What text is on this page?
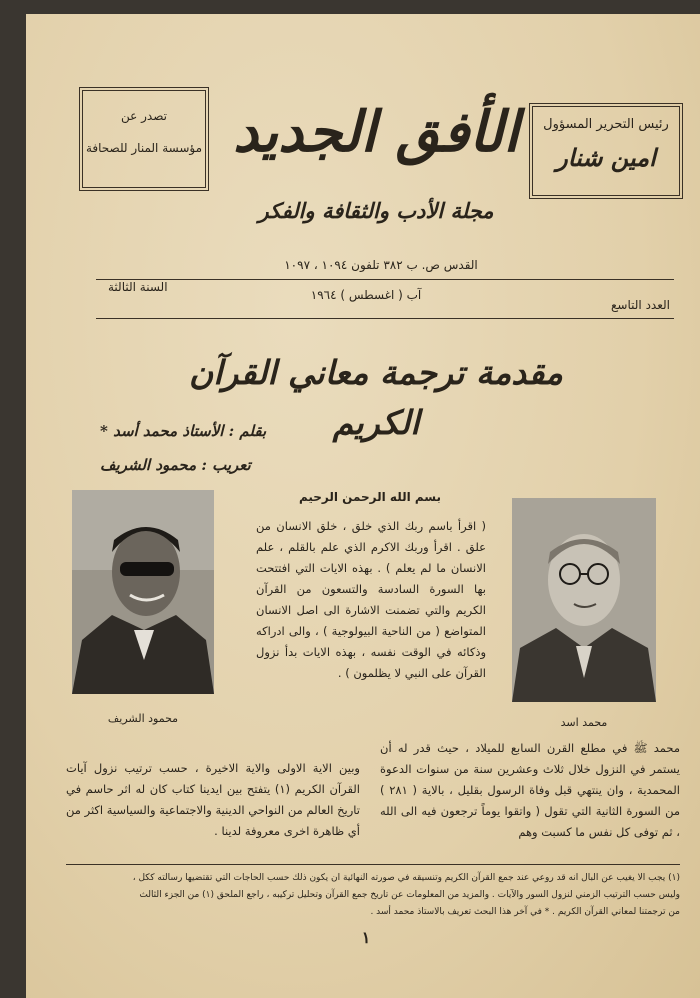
رئيس التحرير المسؤول
امين شنار
تصدر عن
مؤسسة المنار للصحافة الأفق الجديد
مجلة الأدب والثقافة والفكر
القدس ص. ب ٣٨٢ تلفون ١٠٩٤ ، ١٠٩٧
العدد التاسع
آب ( اغسطس ) ١٩٦٤
السنة الثالثة
مقدمة ترجمة معاني القرآن الكريم
بقلم : الأستاذ محمد أسد *
تعريب : محمود الشريف
محمود الشريف	محمد اسد
بسم الله الرحمن الرحيم

( اقرأ باسم ربك الذي خلق ، خلق الانسان من علق . اقرأ وربك الاكرم الذي علم بالقلم ، علم الانسان ما لم يعلم ) . بهذه الايات التي افتتحت بها السورة السادسة والتسعون من القرآن الكريم والتي تضمنت الاشارة الى اصل الانسان المتواضع ( من الناحية البيولوجية ) ، والى ادراكه وذكائه في الوقت نفسه ، بهذه الايات بدأ نزول القرآن على النبي لا يظلمون ) .

محمد ﷺ في مطلع القرن السابع للميلاد ، حيث قدر له أن يستمر في النزول خلال ثلاث وعشرين سنة من سنوات الدعوة المحمدية ، وان ينتهي قبل وفاة الرسول بقليل ، بالاية ( ٢٨١ ) من السورة الثانية التي تقول ( واتقوا يوماً ترجعون فيه الى الله ، ثم توفى كل نفس ما كسبت وهم

وبين الاية الاولى والاية الاخيرة ، حسب ترتيب نزول آيات القرآن الكريم (١) يتفتح بين ايدينا كتاب كان له اثر حاسم في تاريخ العالم من النواحي الدينية والاجتماعية والسياسية اكثر من أي ظاهرة اخرى معروفة لدينا .

(١) يجب الا يغيب عن البال انه قد روعي عند جمع القرآن الكريم وتنسيقه في صورته النهائية ان يكون ذلك حسب الحاجات التي تقتضيها رسالته ككل ،
وليس حسب الترتيب الزمني لنزول السور والآيات . والمزيد من المعلومات عن تاريخ جمع القرآن وتحليل تركيبه ، راجع الملحق (١) من الجزء الثالث
من ترجمتنا لمعاني القرآن الكريم . * في آخر هذا البحث تعريف بالاستاذ محمد أسد .
١
